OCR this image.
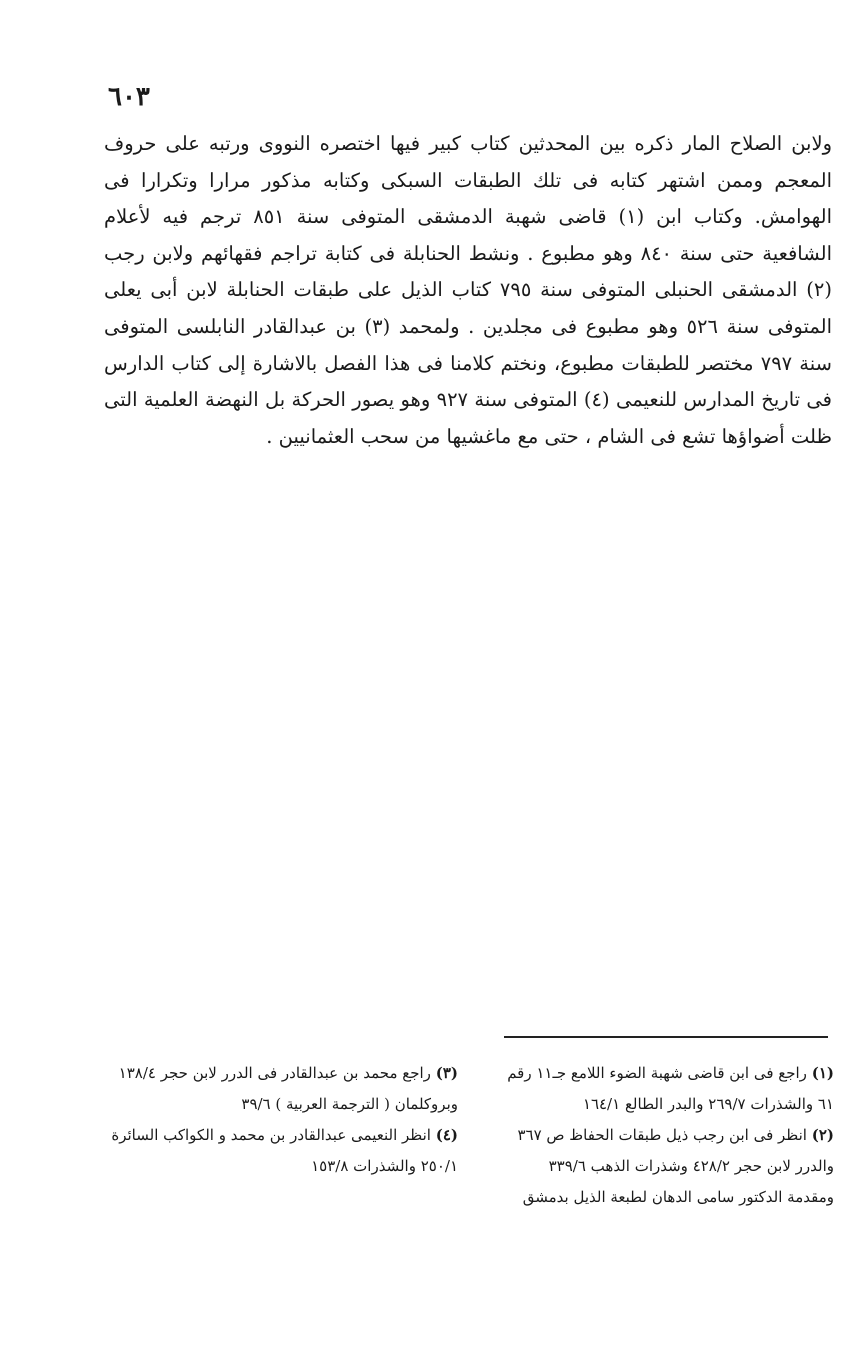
٦٠٣

ولابن الصلاح المار ذكره بين المحدثين كتاب كبير فيها اختصره النووى ورتبه على حروف المعجم وممن اشتهر كتابه فى تلك الطبقات السبكى وكتابه مذكور مرارا وتكرارا فى الهوامش. وكتاب ابن (١) قاضى شهبة الدمشقى المتوفى سنة ٨٥١ ترجم فيه لأعلام الشافعية حتى سنة ٨٤٠ وهو مطبوع . ونشط الحنابلة فى كتابة تراجم فقهائهم ولابن رجب (٢) الدمشقى الحنبلى المتوفى سنة ٧٩٥ كتاب الذيل على طبقات الحنابلة لابن أبى يعلى المتوفى سنة ٥٢٦ وهو مطبوع فى مجلدين . ولمحمد (٣) بن عبدالقادر النابلسى المتوفى سنة ٧٩٧ مختصر للطبقات مطبوع، ونختم كلامنا فى هذا الفصل بالاشارة إلى كتاب الدارس فى تاريخ المدارس للنعيمى (٤) المتوفى سنة ٩٢٧ وهو يصور الحركة بل النهضة العلمية التى ظلت أضواؤها تشع فى الشام ، حتى مع ماغشيها من سحب العثمانيين .

(١) راجع فى ابن قاضى شهبة الضوء اللامع جـ١١ رقم ٦١ والشذرات ٢٦٩/٧ والبدر الطالع ١٦٤/١

(٢) انظر فى ابن رجب ذيل طبقات الحفاظ ص ٣٦٧ والدرر لابن حجر ٤٢٨/٢ وشذرات الذهب ٣٣٩/٦ ومقدمة الدكتور سامى الدهان لطبعة الذيل بدمشق

(٣) راجع محمد بن عبدالقادر فى الدرر لابن حجر ١٣٨/٤ وبروكلمان ( الترجمة العربية ) ٣٩/٦

(٤) انظر النعيمى عبدالقادر بن محمد و الكواكب السائرة ٢٥٠/١ والشذرات ١٥٣/٨
